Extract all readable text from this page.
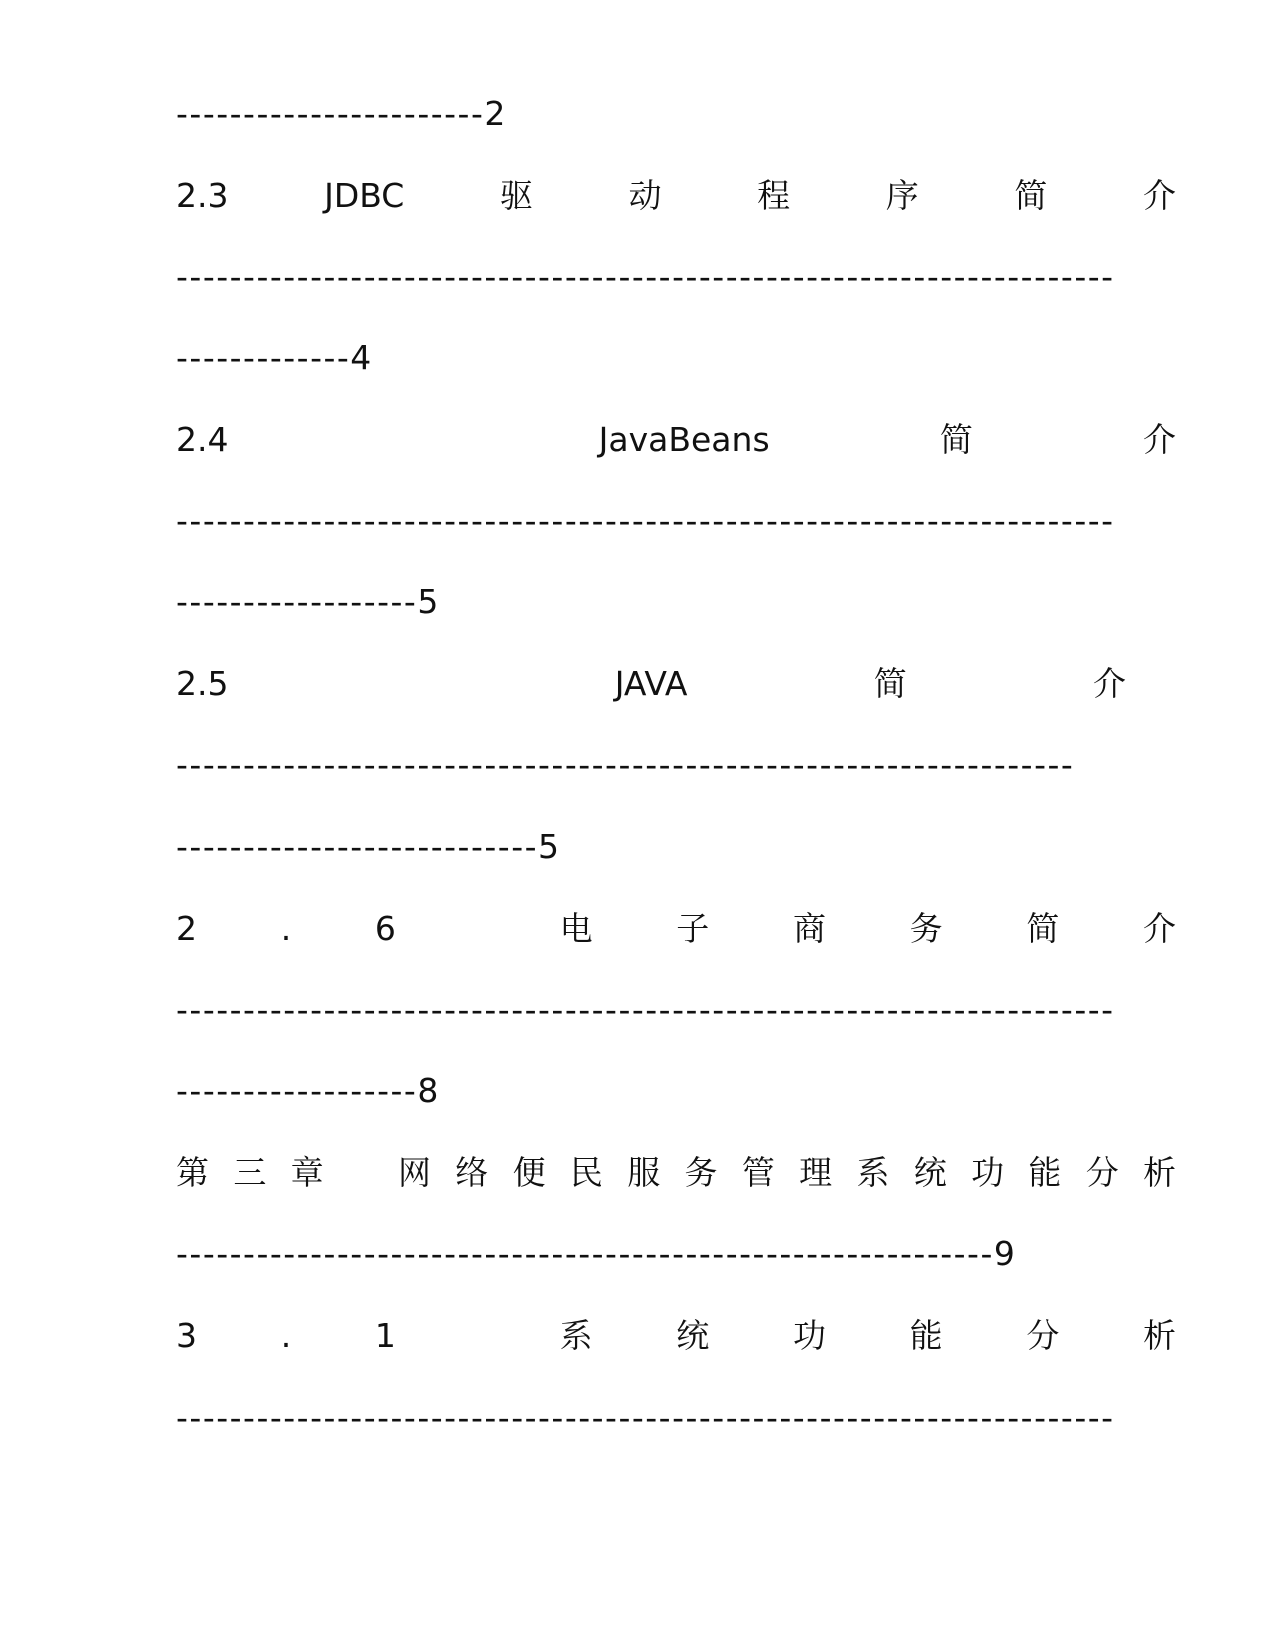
-----------------------2
2.3	JDBC	驱	动	程	序	简	介
----------------------------------------------------------------------
-------------4
2.4	JavaBeans	简	介
----------------------------------------------------------------------
------------------5
2.5	JAVA	简	介
-------------------------------------------------------------------
---------------------------5
2	.	6	电	子	商	务	简	介
----------------------------------------------------------------------
------------------8
第 三 章 网 络 便 民 服 务 管 理 系 统 功 能 分 析
-------------------------------------------------------------9
3	.	1	系	统	功	能	分	析
----------------------------------------------------------------------
